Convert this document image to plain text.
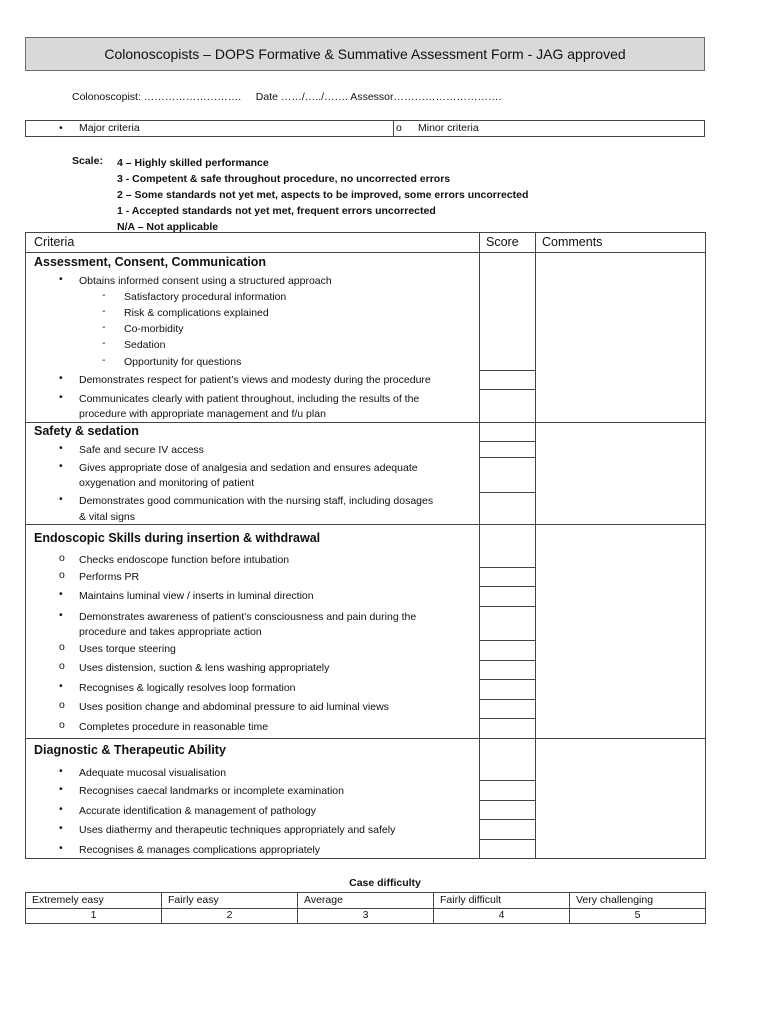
Colonoscopists – DOPS Formative & Summative Assessment Form - JAG approved
Colonoscopist: ……………………….     Date ……/…../……. Assessor………………………….
• Major criteria	o Minor criteria
Scale: 4 – Highly skilled performance
3 - Competent & safe throughout procedure, no uncorrected errors
2 – Some standards not yet met, aspects to be improved, some errors uncorrected
1 - Accepted standards not yet met, frequent errors uncorrected
N/A – Not applicable
Criteria	Score Comments
Assessment, Consent, Communication
• Obtains informed consent using a structured approach
- Satisfactory procedural information
- Risk & complications explained
- Co-morbidity
- Sedation
- Opportunity for questions
• Demonstrates respect for patient’s views and modesty during the procedure
• Communicates clearly with patient throughout, including the results of the
procedure with appropriate management and f/u plan
Safety & sedation
• Safe and secure IV access
• Gives appropriate dose of analgesia and sedation and ensures adequate
oxygenation and monitoring of patient
• Demonstrates good communication with the nursing staff, including dosages
& vital signs
Endoscopic Skills during insertion & withdrawal
o Checks endoscope function before intubation
o Performs PR
• Maintains luminal view / inserts in luminal direction
• Demonstrates awareness of patient’s consciousness and pain during the
procedure and takes appropriate action
o Uses torque steering
o Uses distension, suction & lens washing appropriately
• Recognises & logically resolves loop formation
o Uses position change and abdominal pressure to aid luminal views
o Completes procedure in reasonable time
Diagnostic & Therapeutic Ability
• Adequate mucosal visualisation
• Recognises caecal landmarks or incomplete examination
• Accurate identification & management of pathology
• Uses diathermy and therapeutic techniques appropriately and safely
• Recognises & manages complications appropriately
Case difficulty
Extremely easy	Fairly easy	Average	Fairly difficult	Very challenging
1	2	3	4	5
